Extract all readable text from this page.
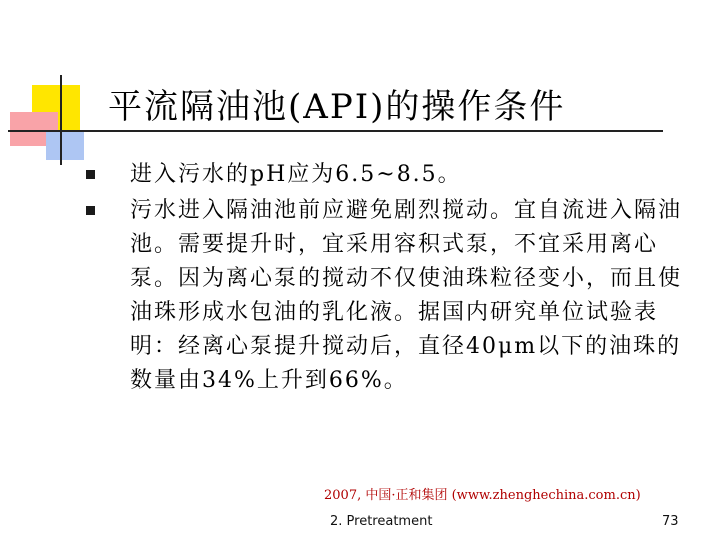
平流隔油池(API)的操作条件
进入污水的pH应为6.5~8.5。
污水进入隔油池前应避免剧烈搅动。宜自流进入隔油池。需要提升时，宜采用容积式泵，不宜采用离心泵。因为离心泵的搅动不仅使油珠粒径变小，而且使油珠形成水包油的乳化液。据国内研究单位试验表明：经离心泵提升搅动后，直径40μm以下的油珠的数量由34%上升到66%。
2007, 中国·正和集团 (www.zhenghechina.com.cn)
2. Pretreatment	73
